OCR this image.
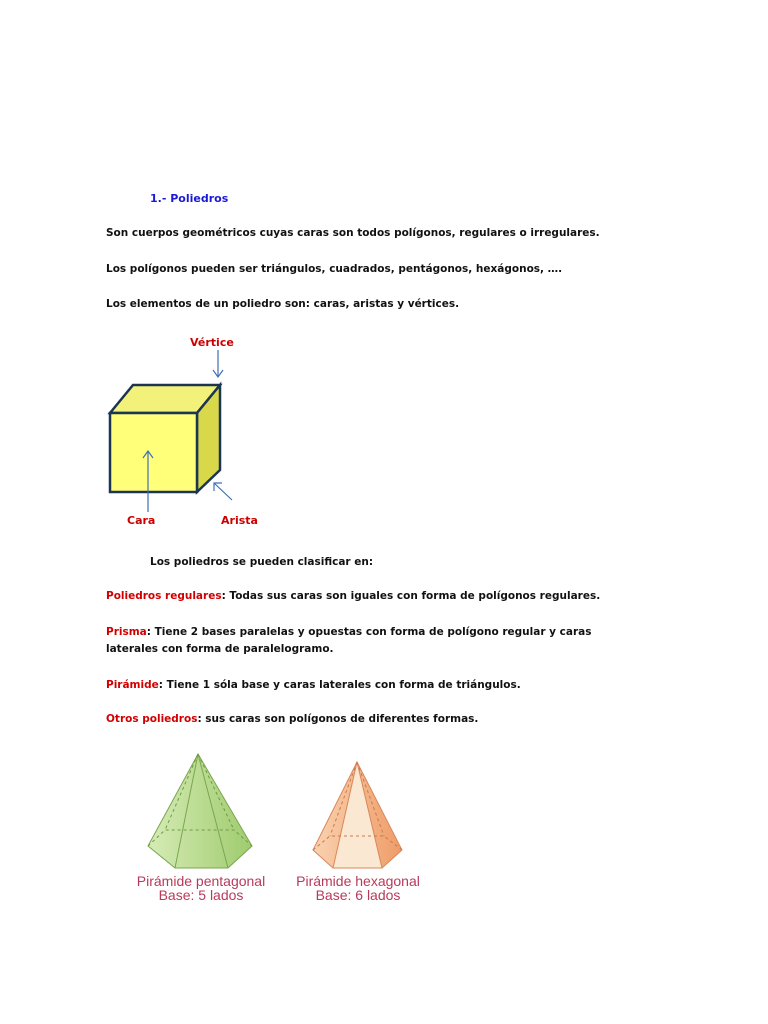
1.- Poliedros
Son cuerpos geométricos cuyas caras son todos polígonos, regulares o irregulares.
Los polígonos pueden ser triángulos, cuadrados, pentágonos, hexágonos, ….
Los elementos de un poliedro son: caras, aristas y vértices.
Vértice
Cara	Arista
Los poliedros se pueden clasificar en:
Poliedros regulares: Todas sus caras son iguales con forma de polígonos regulares.
Prisma: Tiene 2 bases paralelas y opuestas con forma de polígono regular y caras
laterales con forma de paralelogramo.
Pirámide: Tiene 1 sóla base y caras laterales con forma de triángulos.
Otros poliedros: sus caras son polígonos de diferentes formas.
Pirámide pentagonal
Base: 5 lados
Pirámide hexagonal
Base: 6 lados
